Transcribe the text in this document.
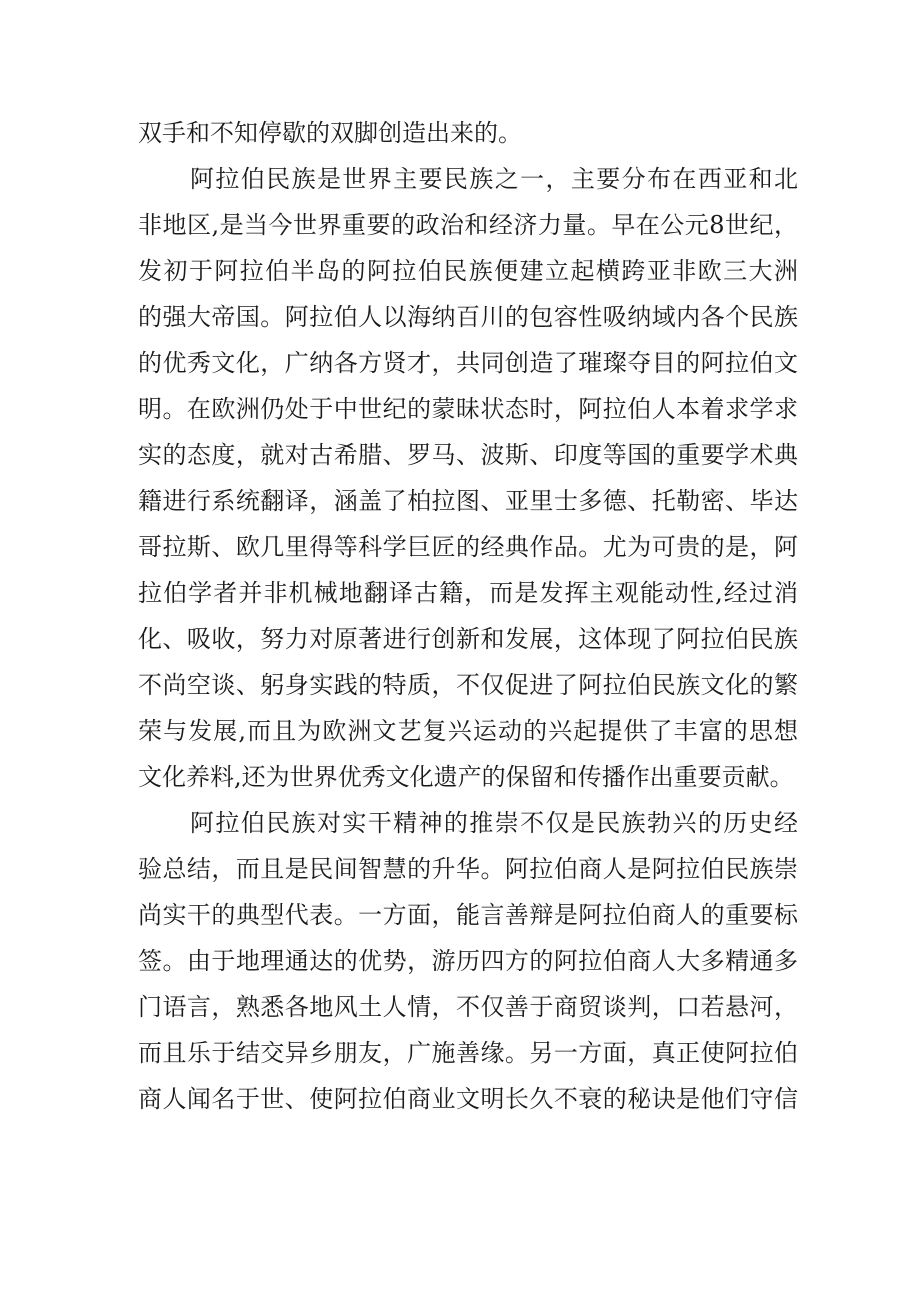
双手和不知停歇的双脚创造出来的。
阿拉伯民族是世界主要民族之一，主要分布在西亚和北
非地区,是当今世界重要的政治和经济力量。早在公元8世纪，
发初于阿拉伯半岛的阿拉伯民族便建立起横跨亚非欧三大洲
的强大帝国。阿拉伯人以海纳百川的包容性吸纳域内各个民族
的优秀文化，广纳各方贤才，共同创造了璀璨夺目的阿拉伯文
明。在欧洲仍处于中世纪的蒙昧状态时，阿拉伯人本着求学求
实的态度，就对古希腊、罗马、波斯、印度等国的重要学术典
籍进行系统翻译，涵盖了柏拉图、亚里士多德、托勒密、毕达
哥拉斯、欧几里得等科学巨匠的经典作品。尤为可贵的是，阿
拉伯学者并非机械地翻译古籍，而是发挥主观能动性,经过消
化、吸收，努力对原著进行创新和发展，这体现了阿拉伯民族
不尚空谈、躬身实践的特质，不仅促进了阿拉伯民族文化的繁
荣与发展,而且为欧洲文艺复兴运动的兴起提供了丰富的思想
文化养料,还为世界优秀文化遗产的保留和传播作出重要贡献。
阿拉伯民族对实干精神的推崇不仅是民族勃兴的历史经
验总结，而且是民间智慧的升华。阿拉伯商人是阿拉伯民族崇
尚实干的典型代表。一方面，能言善辩是阿拉伯商人的重要标
签。由于地理通达的优势，游历四方的阿拉伯商人大多精通多
门语言，熟悉各地风土人情，不仅善于商贸谈判，口若悬河，
而且乐于结交异乡朋友，广施善缘。另一方面，真正使阿拉伯
商人闻名于世、使阿拉伯商业文明长久不衰的秘诀是他们守信
